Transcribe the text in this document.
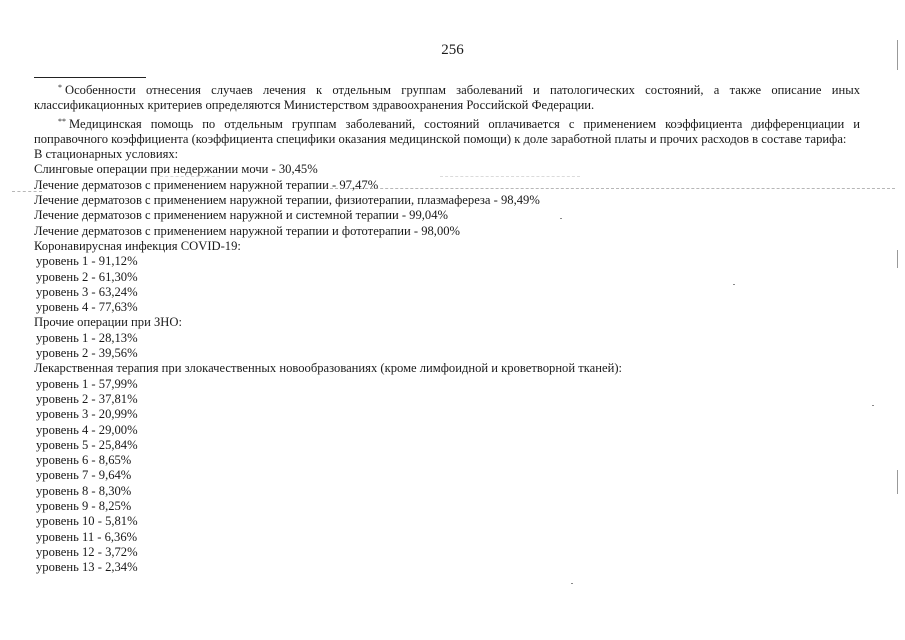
256

* Особенности отнесения случаев лечения к отдельным группам заболеваний и патологических состояний, а также описание иных классификационных критериев определяются Министерством здравоохранения Российской Федерации.

** Медицинская помощь по отдельным группам заболеваний, состояний оплачивается с применением коэффициента дифференциации и поправочного коэффициента (коэффициента специфики оказания медицинской помощи) к доле заработной платы и прочих расходов в составе тарифа:

В стационарных условиях:

Слинговые операции при недержании мочи - 30,45%

Лечение дерматозов с применением наружной терапии - 97,47%

Лечение дерматозов с применением наружной терапии, физиотерапии, плазмафереза - 98,49%

Лечение дерматозов с применением наружной и системной терапии - 99,04%

Лечение дерматозов с применением наружной терапии и фототерапии - 98,00%

Коронавирусная инфекция COVID-19:

уровень 1 - 91,12%

уровень 2 - 61,30%

уровень 3 - 63,24%

уровень 4 - 77,63%

Прочие операции при ЗНО:

уровень 1 - 28,13%

уровень 2 - 39,56%

Лекарственная терапия при злокачественных новообразованиях (кроме лимфоидной и кроветворной тканей):

уровень 1 - 57,99%

уровень 2 - 37,81%

уровень 3 - 20,99%

уровень 4 - 29,00%

уровень 5 - 25,84%

уровень 6 - 8,65%

уровень 7 - 9,64%

уровень 8 - 8,30%

уровень 9 - 8,25%

уровень 10 - 5,81%

уровень 11 - 6,36%

уровень 12 - 3,72%

уровень 13 - 2,34%
